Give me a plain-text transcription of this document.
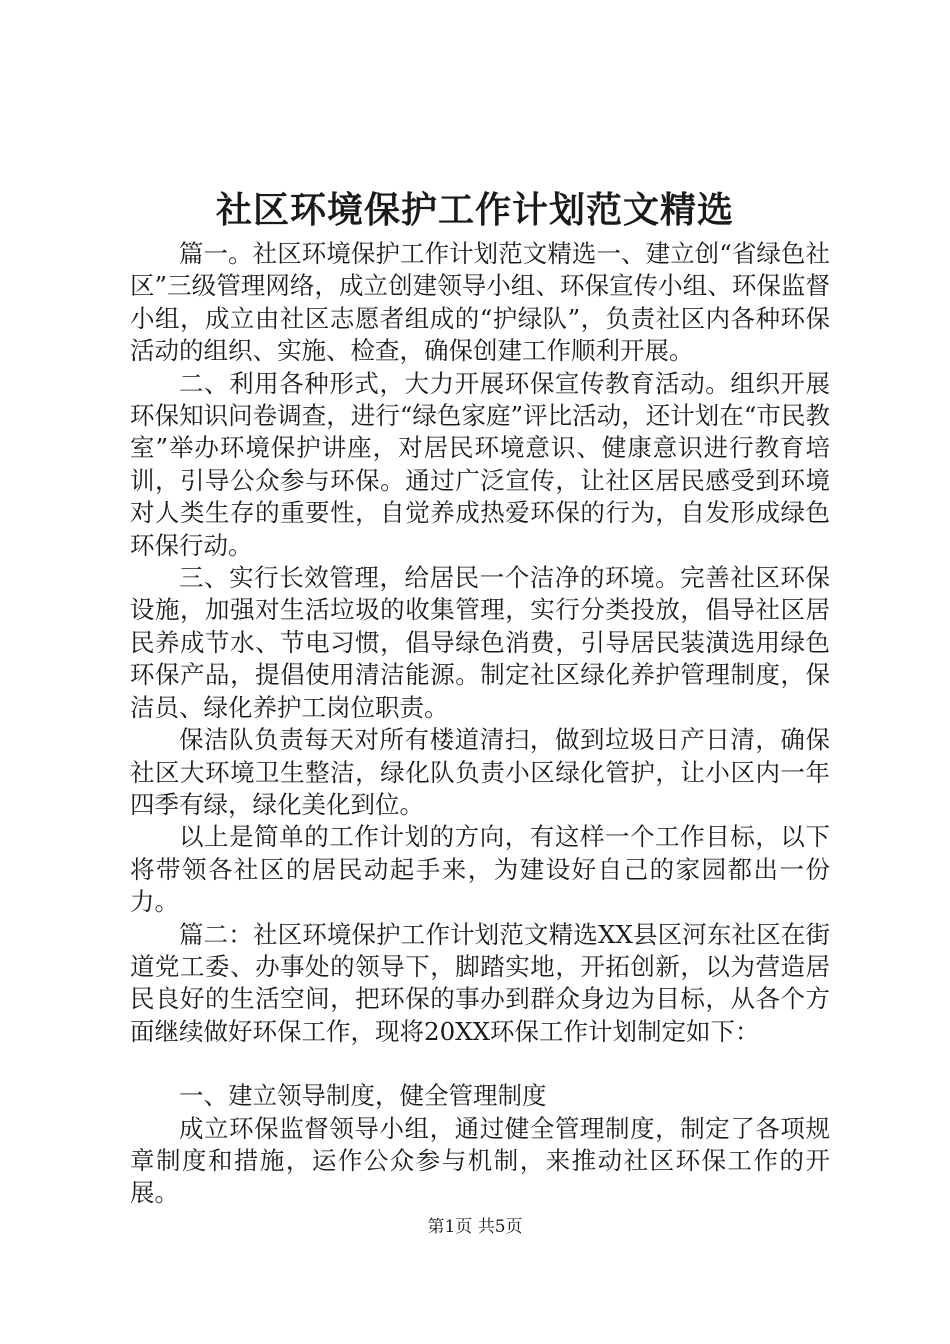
社区环境保护工作计划范文精选

篇一。社区环境保护工作计划范文精选一、建立创“省绿色社区”三级管理网络，成立创建领导小组、环保宣传小组、环保监督小组，成立由社区志愿者组成的“护绿队”，负责社区内各种环保活动的组织、实施、检查，确保创建工作顺利开展。

二、利用各种形式，大力开展环保宣传教育活动。组织开展环保知识问卷调查，进行“绿色家庭”评比活动，还计划在“市民教室”举办环境保护讲座，对居民环境意识、健康意识进行教育培训，引导公众参与环保。通过广泛宣传，让社区居民感受到环境对人类生存的重要性，自觉养成热爱环保的行为，自发形成绿色环保行动。

三、实行长效管理，给居民一个洁净的环境。完善社区环保设施，加强对生活垃圾的收集管理，实行分类投放，倡导社区居民养成节水、节电习惯，倡导绿色消费，引导居民装潢选用绿色环保产品，提倡使用清洁能源。制定社区绿化养护管理制度，保洁员、绿化养护工岗位职责。

保洁队负责每天对所有楼道清扫，做到垃圾日产日清，确保社区大环境卫生整洁，绿化队负责小区绿化管护，让小区内一年四季有绿，绿化美化到位。

以上是简单的工作计划的方向，有这样一个工作目标，以下将带领各社区的居民动起手来，为建设好自己的家园都出一份力。

篇二：社区环境保护工作计划范文精选XX县区河东社区在街道党工委、办事处的领导下，脚踏实地，开拓创新，以为营造居民良好的生活空间，把环保的事办到群众身边为目标，从各个方面继续做好环保工作，现将20XX环保工作计划制定如下：

一、建立领导制度，健全管理制度

成立环保监督领导小组，通过健全管理制度，制定了各项规章制度和措施，运作公众参与机制，来推动社区环保工作的开展。

第1页 共5页
